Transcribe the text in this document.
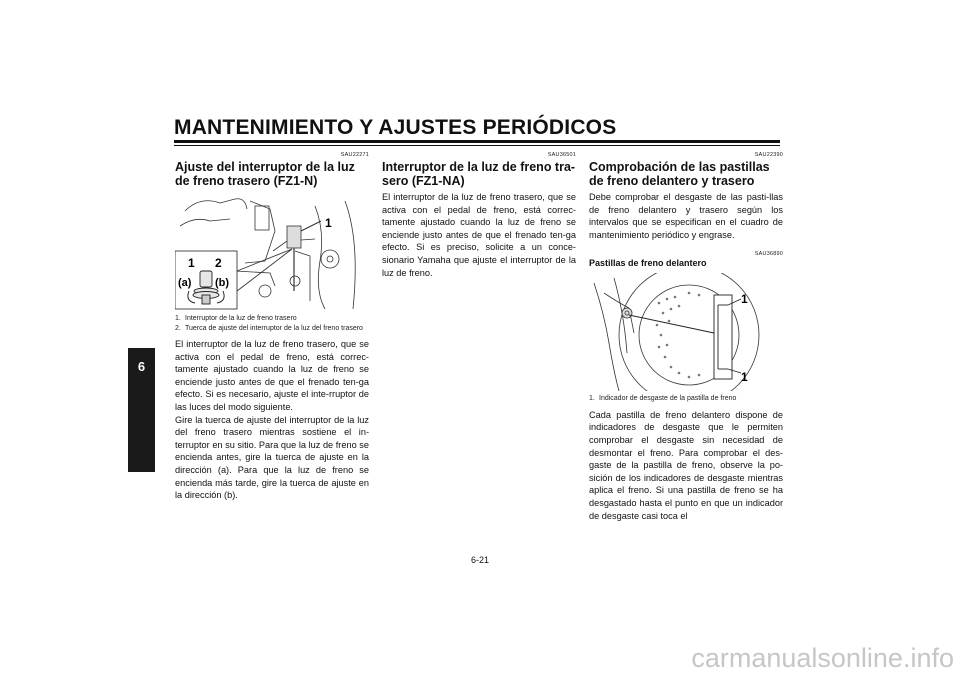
MANTENIMIENTO Y AJUSTES PERIÓDICOS
6
SAU22271
Ajuste del interruptor de la luz de freno trasero (FZ1-N)
1 2
(a) (b)
1
1. Interruptor de la luz de freno trasero
2. Tuerca de ajuste del interruptor de la luz del freno trasero

El interruptor de la luz de freno trasero, que se activa con el pedal de freno, está correc-tamente ajustado cuando la luz de freno se enciende justo antes de que el frenado ten-ga efecto. Si es necesario, ajuste el inte-rruptor de las luces del modo siguiente.

Gire la tuerca de ajuste del interruptor de la luz del freno trasero mientras sostiene el in-terruptor en su sitio. Para que la luz de freno se encienda antes, gire la tuerca de ajuste en la dirección (a). Para que la luz de freno se encienda más tarde, gire la tuerca de ajuste en la dirección (b).

SAU36501
Interruptor de la luz de freno tra-sero (FZ1-NA)

El interruptor de la luz de freno trasero, que se activa con el pedal de freno, está correc-tamente ajustado cuando la luz de freno se enciende justo antes de que el frenado ten-ga efecto. Si es preciso, solicite a un conce-sionario Yamaha que ajuste el interruptor de la luz de freno.

SAU22390
Comprobación de las pastillas de freno delantero y trasero

Debe comprobar el desgaste de las pasti-llas de freno delantero y trasero según los intervalos que se especifican en el cuadro de mantenimiento periódico y engrase.

SAU36890
Pastillas de freno delantero
1
1
1. Indicador de desgaste de la pastilla de freno

Cada pastilla de freno delantero dispone de indicadores de desgaste que le permiten comprobar el desgaste sin necesidad de desmontar el freno. Para comprobar el des-gaste de la pastilla de freno, observe la po-sición de los indicadores de desgaste mientras aplica el freno. Si una pastilla de freno se ha desgastado hasta el punto en que un indicador de desgaste casi toca el

6-21
carmanualsonline.info
